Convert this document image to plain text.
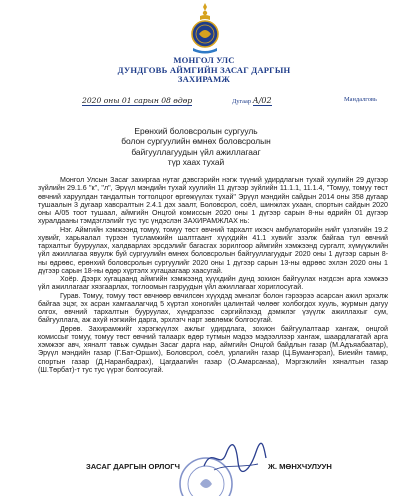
МОНГОЛ УЛС
ДУНДГОВЬ АЙМГИЙН ЗАСАГ ДАРГЫН
ЗАХИРАМЖ
2020 оны 01 сарын 08 өдөр	Дугаар А/02	Мандалговь
Ерөнхий боловсролын сургууль
болон сургуулийн өмнөх боловсролын
байгууллагуудын үйл ажиллагааг
түр хаах тухай

Монгол Улсын Засаг захиргаа нутаг дэвсгэрийн нэгж түүний удирдлагын тухай хуулийн 29 дүгээр зүйлийн 29.1.6 "к", "л", Эрүүл мэндийн тухай хуулийн 11 дүгээр зүйлийн 11.1.1, 11.1.4, "Томуу, томуу төст өвчний харуулдан тандалтын тогтолцоог өргөжүүлэх тухай" Эрүүл мэндийн сайдын 2014 оны 358 дугаар тушаалын 3 дугаар хавсралтын 2.4.1 дэх заалт, Боловсрол, соёл, шинжлэх ухаан, спортын сайдын 2020 оны А/05 тоот тушаал, аймгийн Онцгой комиссын 2020 оны 1 дүгээр сарын 8-ны өдрийн 01 дүгээр хуралдааны тэмдэглэлийг тус тус үндэслэн ЗАХИРАМЖЛАХ нь:

Нэг. Аймгийн хэмжээнд томуу, томуу төст өвчний тархалт ихэсч амбулаторийн нийт үзлэгийн 19.2 хувийг, харьяалал түрээн тусламжийн шалтгаант хүүхдийн 41.1 хувийг эзэлж байгаа тул өвчний тархалтыг бууруулах, халдварлах эрсдэлийг багасгах зорилгоор аймгийн хэмжээнд сургалт, хүмүүжлийн үйл ажиллагаа явуулж буй сургуулийн өмнөх боловсролын байгууллагуудыг 2020 оны 1 дүгээр сарын 8-ны өдрөөс, ерөнхий боловсролын сургуулийг 2020 оны 1 дүгээр сарын 13-ны өдрөөс эхлэн 2020 оны 1 дүгээр сарын 18-ны өдөр хүртэлх хугацаагаар хаасугай.

Хоёр. Дээрх хугацаанд аймгийн хэмжээнд хүүхдийн дунд зохион байгуулах нэгдсэн арга хэмжээ үйл ажиллагааг хязгаарлах, тоглоомын газруудын үйл ажиллагааг хориглосугай.

Гурав. Томуу, томуу төст өвчнөөр өвчилсөн хүүхдэд эмнэлэг болон гэрээрээ асарсан ажил эрхэлж байгаа эцэг, эх асран хамгаалагчид 5 хүртэл хоногийн цалинтай чөлөөг холбогдох хууль, журмын дагуу олгох, өвчний тархалтын бууруулах, хүндрэлээс сэргийлэхэд дэмжлэг үзүүлж ажиллахыг сум, байгууллага, аж ахуй нэгжийн дарга, эрхлэгч нарт зөвлөмж болгосугай.

Дөрөв. Захирамжийг хэрэгжүүлэх ажлыг удирдлага, зохион байгуулалтаар хангаж, онцгой комиссыг томуу, томуу төст өвчний талаарх өдөр тутмын мэдээ мэдээллээр хангаж, шаардлагатай арга хэмжээг авч, хяналт тавьж сумдын Засаг дарга нар, аймгийн Онцгой байдлын газар (М.Адъяабаатар), Эрүүл мэндийн газар (Г.Бат-Орших), Боловсрол, соёл, урлагийн газар (Ц.Буманғэрэл), Биеийн тамир, спортын газар (Д.Наранбадрах), Цагдаагийн газар (О.Амарсанаа), Мэргэжлийн хяналтын газар (Ш.Төрбат)-т тус тус үүрэг болгосугай.

ЗАСАГ ДАРГЫН ОРЛОГЧ	Ж. МӨНХЧУЛУУН
